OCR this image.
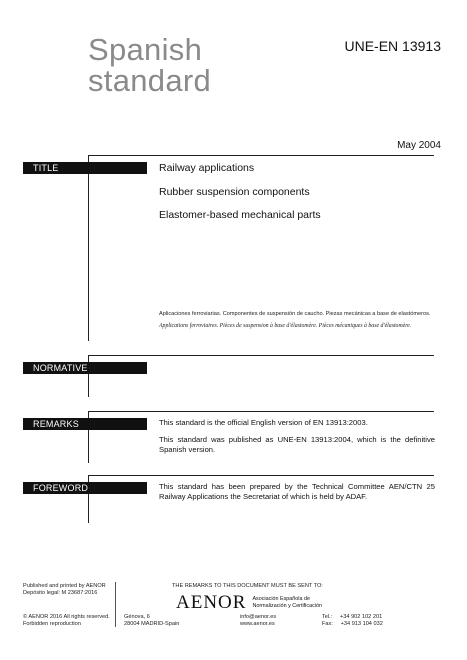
Spanish
standard
UNE-EN 13913
May 2004
TITLE	Railway applications
Rubber suspension components
Elastomer-based mechanical parts
Aplicaciones ferroviarias. Componentes de suspensión de caucho. Piezas mecánicas a base de elastómeros.
Applications ferroviaires. Pièces de suspension à base d'élastomère. Pièces mécaniques à base d'élastomère.
NORMATIVE
REMARKS	This standard is the official English version of EN 13913:2003.
This standard was published as UNE-EN 13913:2004, which is the definitive Spanish version.
FOREWORD	This standard has been prepared by the Technical Committee AEN/CTN 25 Railway Applications the Secretariat of which is held by ADAF.
Published and printed by AENOR
Depósito legal: M 23687:2016
THE REMARKS TO THIS DOCUMENT MUST BE SENT TO:
AENOR Asociación Española de
Normalización y Certificación
© AENOR 2016 All rights reserved.
Forbidden reproduction
Génova, 6
28004 MADRID-Spain
info@aenor.es
www.aenor.es
Tel.:     +34 902 102 201
Fax:     +34 913 104 032
